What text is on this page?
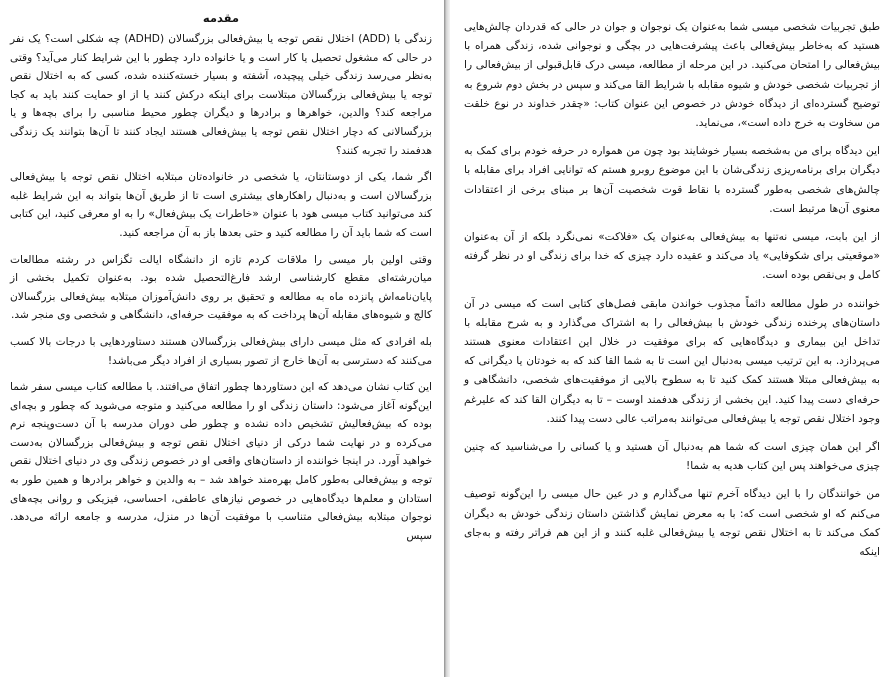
مقدمه

زندگی با (ADD) اختلال نقص توجه یا بیش‌فعالی بزرگسالان (ADHD) چه شکلی است؟ یک نفر در حالی که مشغول تحصیل یا کار است و یا خانواده دارد چطور با این شرایط کنار می‌آید؟ وقتی به‌نظر می‌رسد زندگی خیلی پیچیده، آشفته و بسیار خسته‌کننده شده، کسی که به اختلال نقص توجه یا بیش‌فعالی بزرگسالان مبتلاست برای اینکه درکش کنند یا از او حمایت کنند باید به کجا مراجعه کند؟ والدین، خواهرها و برادرها و دیگران چطور محیط مناسبی را برای بچه‌ها و یا بزرگسالانی که دچار اختلال نقص توجه یا بیش‌فعالی هستند ایجاد کنند تا آن‌ها بتوانند یک زندگی هدفمند را تجربه کنند؟

اگر شما، یکی از دوستانتان، یا شخصی در خانواده‌تان مبتلابه اختلال نقص توجه یا بیش‌فعالی بزرگسالان است و به‌دنبال راهکارهای بیشتری است تا از طریق آن‌ها بتواند به این شرایط غلبه کند می‌توانید کتاب میسی هود با عنوان «خاطرات یک بیش‌فعال» را به او معرفی کنید، این کتابی است که شما باید آن را مطالعه کنید و حتی بعدها باز به آن مراجعه کنید.

وقتی اولین بار میسی را ملاقات کردم تازه از دانشگاه ایالت تگزاس در رشته مطالعات میان‌رشته‌ای مقطع کارشناسی ارشد فارغ‌التحصیل شده بود. به‌عنوان تکمیل بخشی از پایان‌نامه‌اش پانزده ماه به مطالعه و تحقیق بر روی دانش‌آموزان مبتلابه بیش‌فعالی بزرگسالان کالج و شیوه‌های مقابله آن‌ها پرداخت که به موفقیت حرفه‌ای، دانشگاهی و شخصی وی منجر شد.

بله افرادی که مثل میسی دارای بیش‌فعالی بزرگسالان هستند دستاوردهایی با درجات بالا کسب می‌کنند که دسترسی به آن‌ها خارج از تصور بسیاری از افراد دیگر می‌باشد!

این کتاب نشان می‌دهد که این دستاوردها چطور اتفاق می‌افتند. با مطالعه کتاب میسی سفر شما این‌گونه آغاز می‌شود: داستان زندگی او را مطالعه می‌کنید و متوجه می‌شوید که چطور و بچه‌ای بوده که بیش‌فعالیش تشخیص داده نشده و چطور طی دوران مدرسه با آن دست‌وپنجه نرم می‌کرده و در نهایت شما درکی از دنیای اختلال نقص توجه و بیش‌فعالی بزرگسالان به‌دست خواهید آورد. در اینجا خواننده از داستان‌های واقعی او در خصوص زندگی وی در دنیای اختلال نقص توجه و بیش‌فعالی به‌طور کامل بهره‌مند خواهد شد – به والدین و خواهر برادرها و همین طور به استادان و معلم‌ها دیدگاه‌هایی در خصوص نیازهای عاطفی، احساسی، فیزیکی و روانی بچه‌های نوجوان مبتلابه بیش‌فعالی متناسب با موفقیت آن‌ها در منزل، مدرسه و جامعه ارائه می‌دهد. سپس

طبق تجربیات شخصی میسی شما به‌عنوان یک نوجوان و جوان در حالی که قدردان چالش‌هایی هستید که به‌خاطر بیش‌فعالی باعث پیشرفت‌هایی در بچگی و نوجوانی شده، زندگی همراه با بیش‌فعالی را امتحان می‌کنید. در این مرحله از مطالعه، میسی درک قابل‌قبولی از بیش‌فعالی را از تجربیات شخصی خودش و شیوه مقابله با شرایط القا می‌کند و سپس در بخش دوم شروع به توضیح گسترده‌ای از دیدگاه خودش در خصوص این عنوان کتاب: «چقدر خداوند در نوع خلقت من سخاوت به خرج داده است»، می‌نماید.

این دیدگاه برای من به‌شخصه بسیار خوشایند بود چون من همواره در حرفه خودم برای کمک به دیگران برای برنامه‌ریزی زندگی‌شان با این موضوع روبرو هستم که توانایی افراد برای مقابله با چالش‌های شخصی به‌طور گسترده با نقاط قوت شخصیت آن‌ها بر مبنای برخی از اعتقادات معنوی آن‌ها مرتبط است.

از این بابت، میسی نه‌تنها به بیش‌فعالی به‌عنوان یک «فلاکت» نمی‌نگرد بلکه از آن به‌عنوان «موقعیتی برای شکوفایی» یاد می‌کند و عقیده دارد چیزی که خدا برای زندگی او در نظر گرفته کامل و بی‌نقص بوده است.

خواننده در طول مطالعه دائماً مجذوب خواندن مابقی فصل‌های کتابی است که میسی در آن داستان‌های پرخنده زندگی خودش با بیش‌فعالی را به اشتراک می‌گذارد و به شرح مقابله با تداخل این بیماری و دیدگاه‌هایی که برای موفقیت در خلال این اعتقادات معنوی هستند می‌پردازد. به این ترتیب میسی به‌دنبال این است تا به شما القا کند که به خودتان یا دیگرانی که به بیش‌فعالی مبتلا هستند کمک کنید تا به سطوح بالایی از موفقیت‌های شخصی، دانشگاهی و حرفه‌ای دست پیدا کنید. این بخشی از زندگی هدفمند اوست – تا به دیگران القا کند که علیرغم وجود اختلال نقص توجه یا بیش‌فعالی می‌توانند به‌مراتب عالی دست پیدا کنند.

اگر این همان چیزی است که شما هم به‌دنبال آن هستید و یا کسانی را می‌شناسید که چنین چیزی می‌خواهند پس این کتاب هدیه به شما!

من خوانندگان را با این دیدگاه آخرم تنها می‌گذارم و در عین حال میسی را این‌گونه توصیف می‌کنم که او شخصی است که: با به معرض نمایش گذاشتن داستان زندگی خودش به دیگران کمک می‌کند تا به اختلال نقص توجه یا بیش‌فعالی غلبه کنند و از این هم فراتر رفته و به‌جای اینکه
